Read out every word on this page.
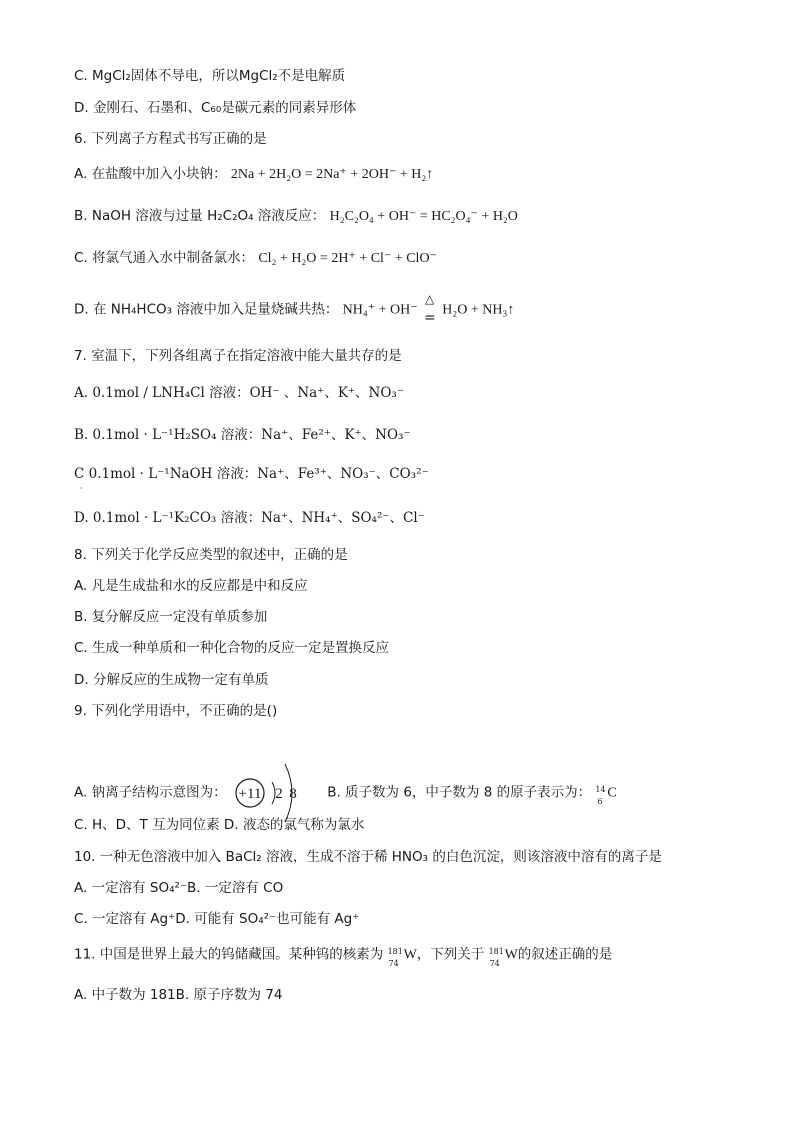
C. MgCl₂固体不导电，所以MgCl₂不是电解质
D. 金刚石、石墨和、C₆₀是碳元素的同素异形体
6. 下列离子方程式书写正确的是
A. 在盐酸中加入小块钠： 2Na + 2H₂O = 2Na⁺ + 2OH⁻ + H₂↑
B. NaOH 溶液与过量 H₂C₂O₄ 溶液反应： H₂C₂O₄ + OH⁻ = HC₂O₄⁻ + H₂O
C. 将氯气通入水中制备氯水： Cl₂ + H₂O = 2H⁺ + Cl⁻ + ClO⁻
D. 在 NH₄HCO₃ 溶液中加入足量烧碱共热： NH₄⁺ + OH⁻
△
= H₂O + NH₃↑
7. 室温下，下列各组离子在指定溶液中能大量共存的是
A. 0.1mol / LNH₄Cl 溶液：OH⁻ 、Na⁺、K⁺、NO₃⁻
B. 0.1mol · L⁻¹H₂SO₄ 溶液：Na⁺、Fe²⁺、K⁺、NO₃⁻
C 0.1mol · L⁻¹NaOH 溶液：Na⁺、Fe³⁺、NO₃⁻、CO₃²⁻
·
D. 0.1mol · L⁻¹K₂CO₃ 溶液：Na⁺、NH₄⁺、SO₄²⁻、Cl⁻
8. 下列关于化学反应类型的叙述中，正确的是
A. 凡是生成盐和水的反应都是中和反应
B. 复分解反应一定没有单质参加
C. 生成一种单质和一种化合物的反应一定是置换反应
D. 分解反应的生成物一定有单质
9. 下列化学用语中，不正确的是()
A. 钠离子结构示意图为： +11 2 8 B. 质子数为 6，中子数为 8 的原子表示为： 14
6
C
C. H、D、T 互为同位素 D. 液态的氯气称为氯水
10. 一种无色溶液中加入 BaCl₂ 溶液，生成不溶于稀 HNO₃ 的白色沉淀，则该溶液中溶有的离子是
A. 一定溶有 SO₄²⁻B. 一定溶有 CO
C. 一定溶有 Ag⁺D. 可能有 SO₄²⁻也可能有 Ag⁺
11. 中国是世界上最大的钨储藏国。某种钨的核素为 181
74
W，下列关于 181
74
W的叙述正确的是
A. 中子数为 181B. 原子序数为 74
